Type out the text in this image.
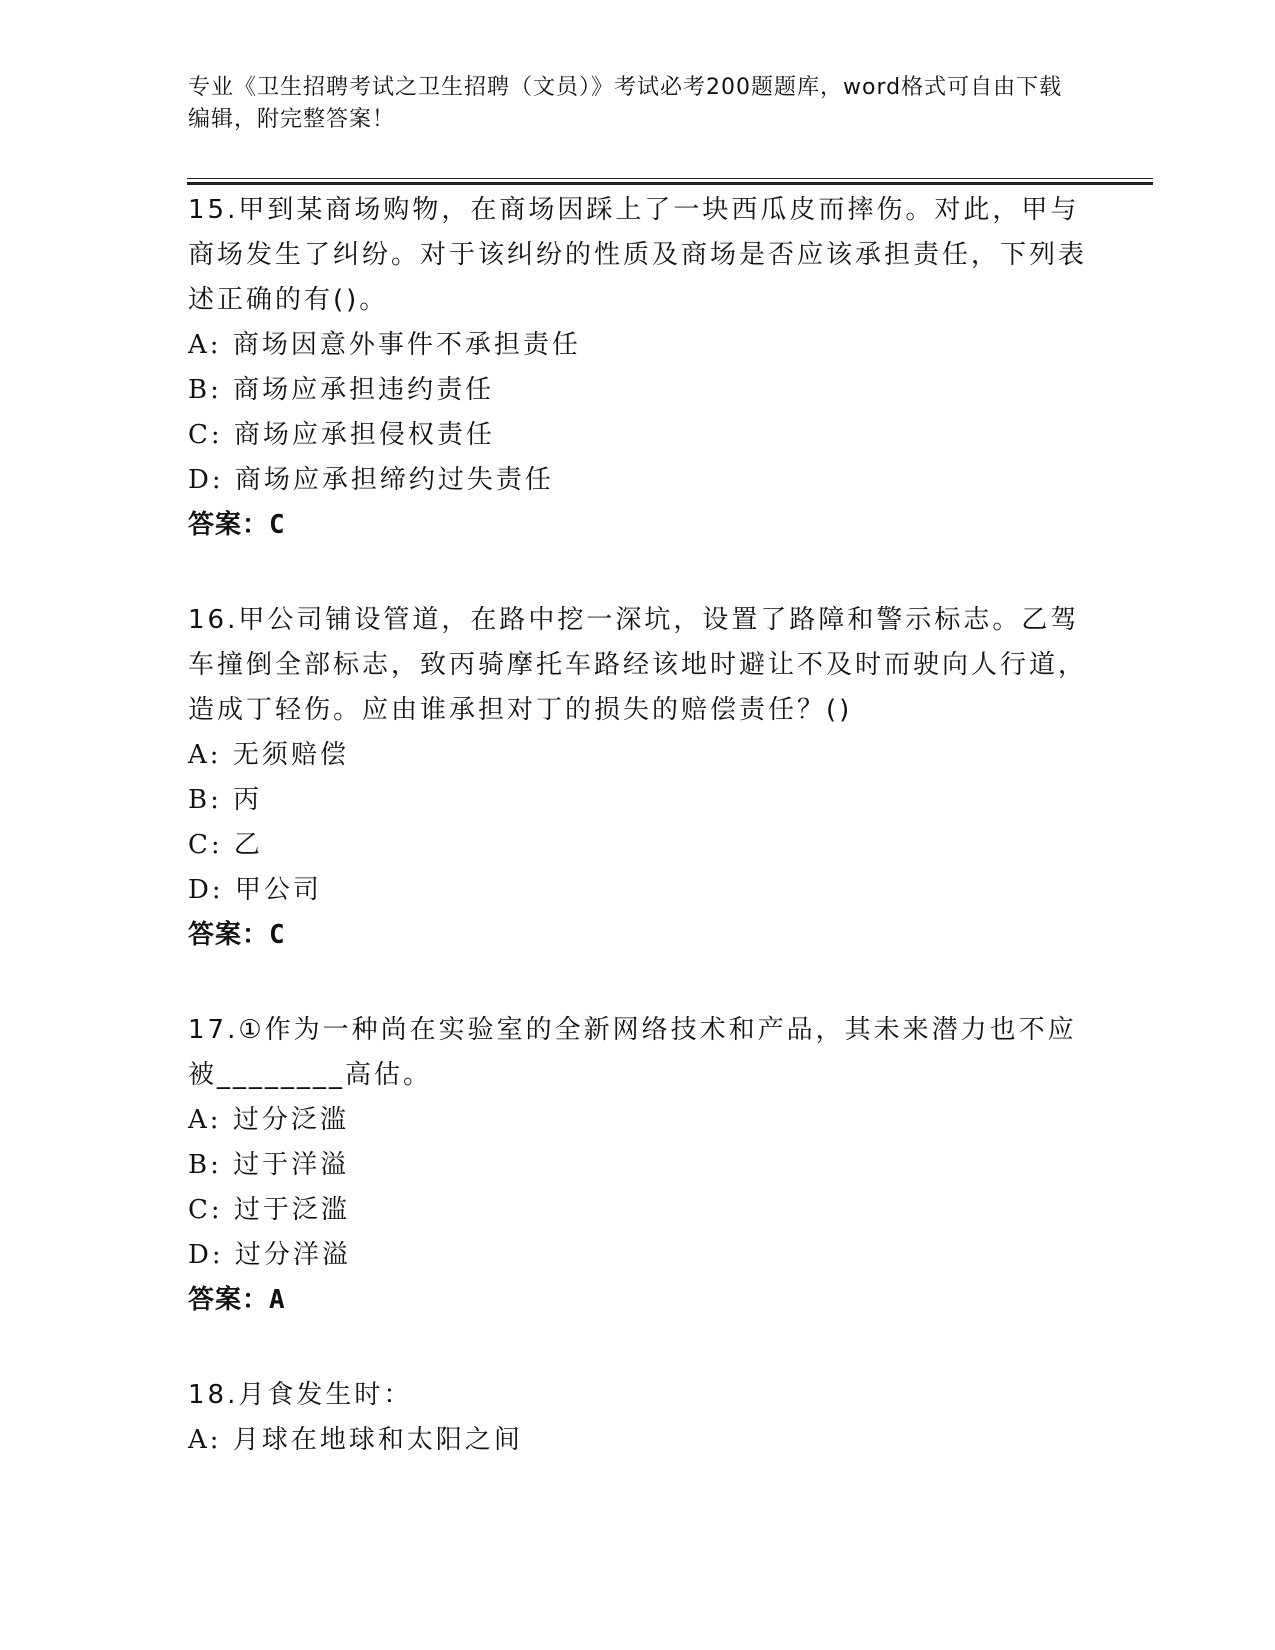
专业《卫生招聘考试之卫生招聘（文员）》考试必考200题题库，word格式可自由下载编辑，附完整答案！

15.甲到某商场购物，在商场因踩上了一块西瓜皮而摔伤。对此，甲与商场发生了纠纷。对于该纠纷的性质及商场是否应该承担责任，下列表述正确的有()。

A: 商场因意外事件不承担责任

B: 商场应承担违约责任

C: 商场应承担侵权责任

D: 商场应承担缔约过失责任

答案：C

16.甲公司铺设管道，在路中挖一深坑，设置了路障和警示标志。乙驾车撞倒全部标志，致丙骑摩托车路经该地时避让不及时而驶向人行道，造成丁轻伤。应由谁承担对丁的损失的赔偿责任？()

A: 无须赔偿

B: 丙

C: 乙

D: 甲公司

答案：C

17.①作为一种尚在实验室的全新网络技术和产品，其未来潜力也不应被________高估。

A: 过分泛滥

B: 过于洋溢

C: 过于泛滥

D: 过分洋溢

答案：A

18.月食发生时：

A: 月球在地球和太阳之间
